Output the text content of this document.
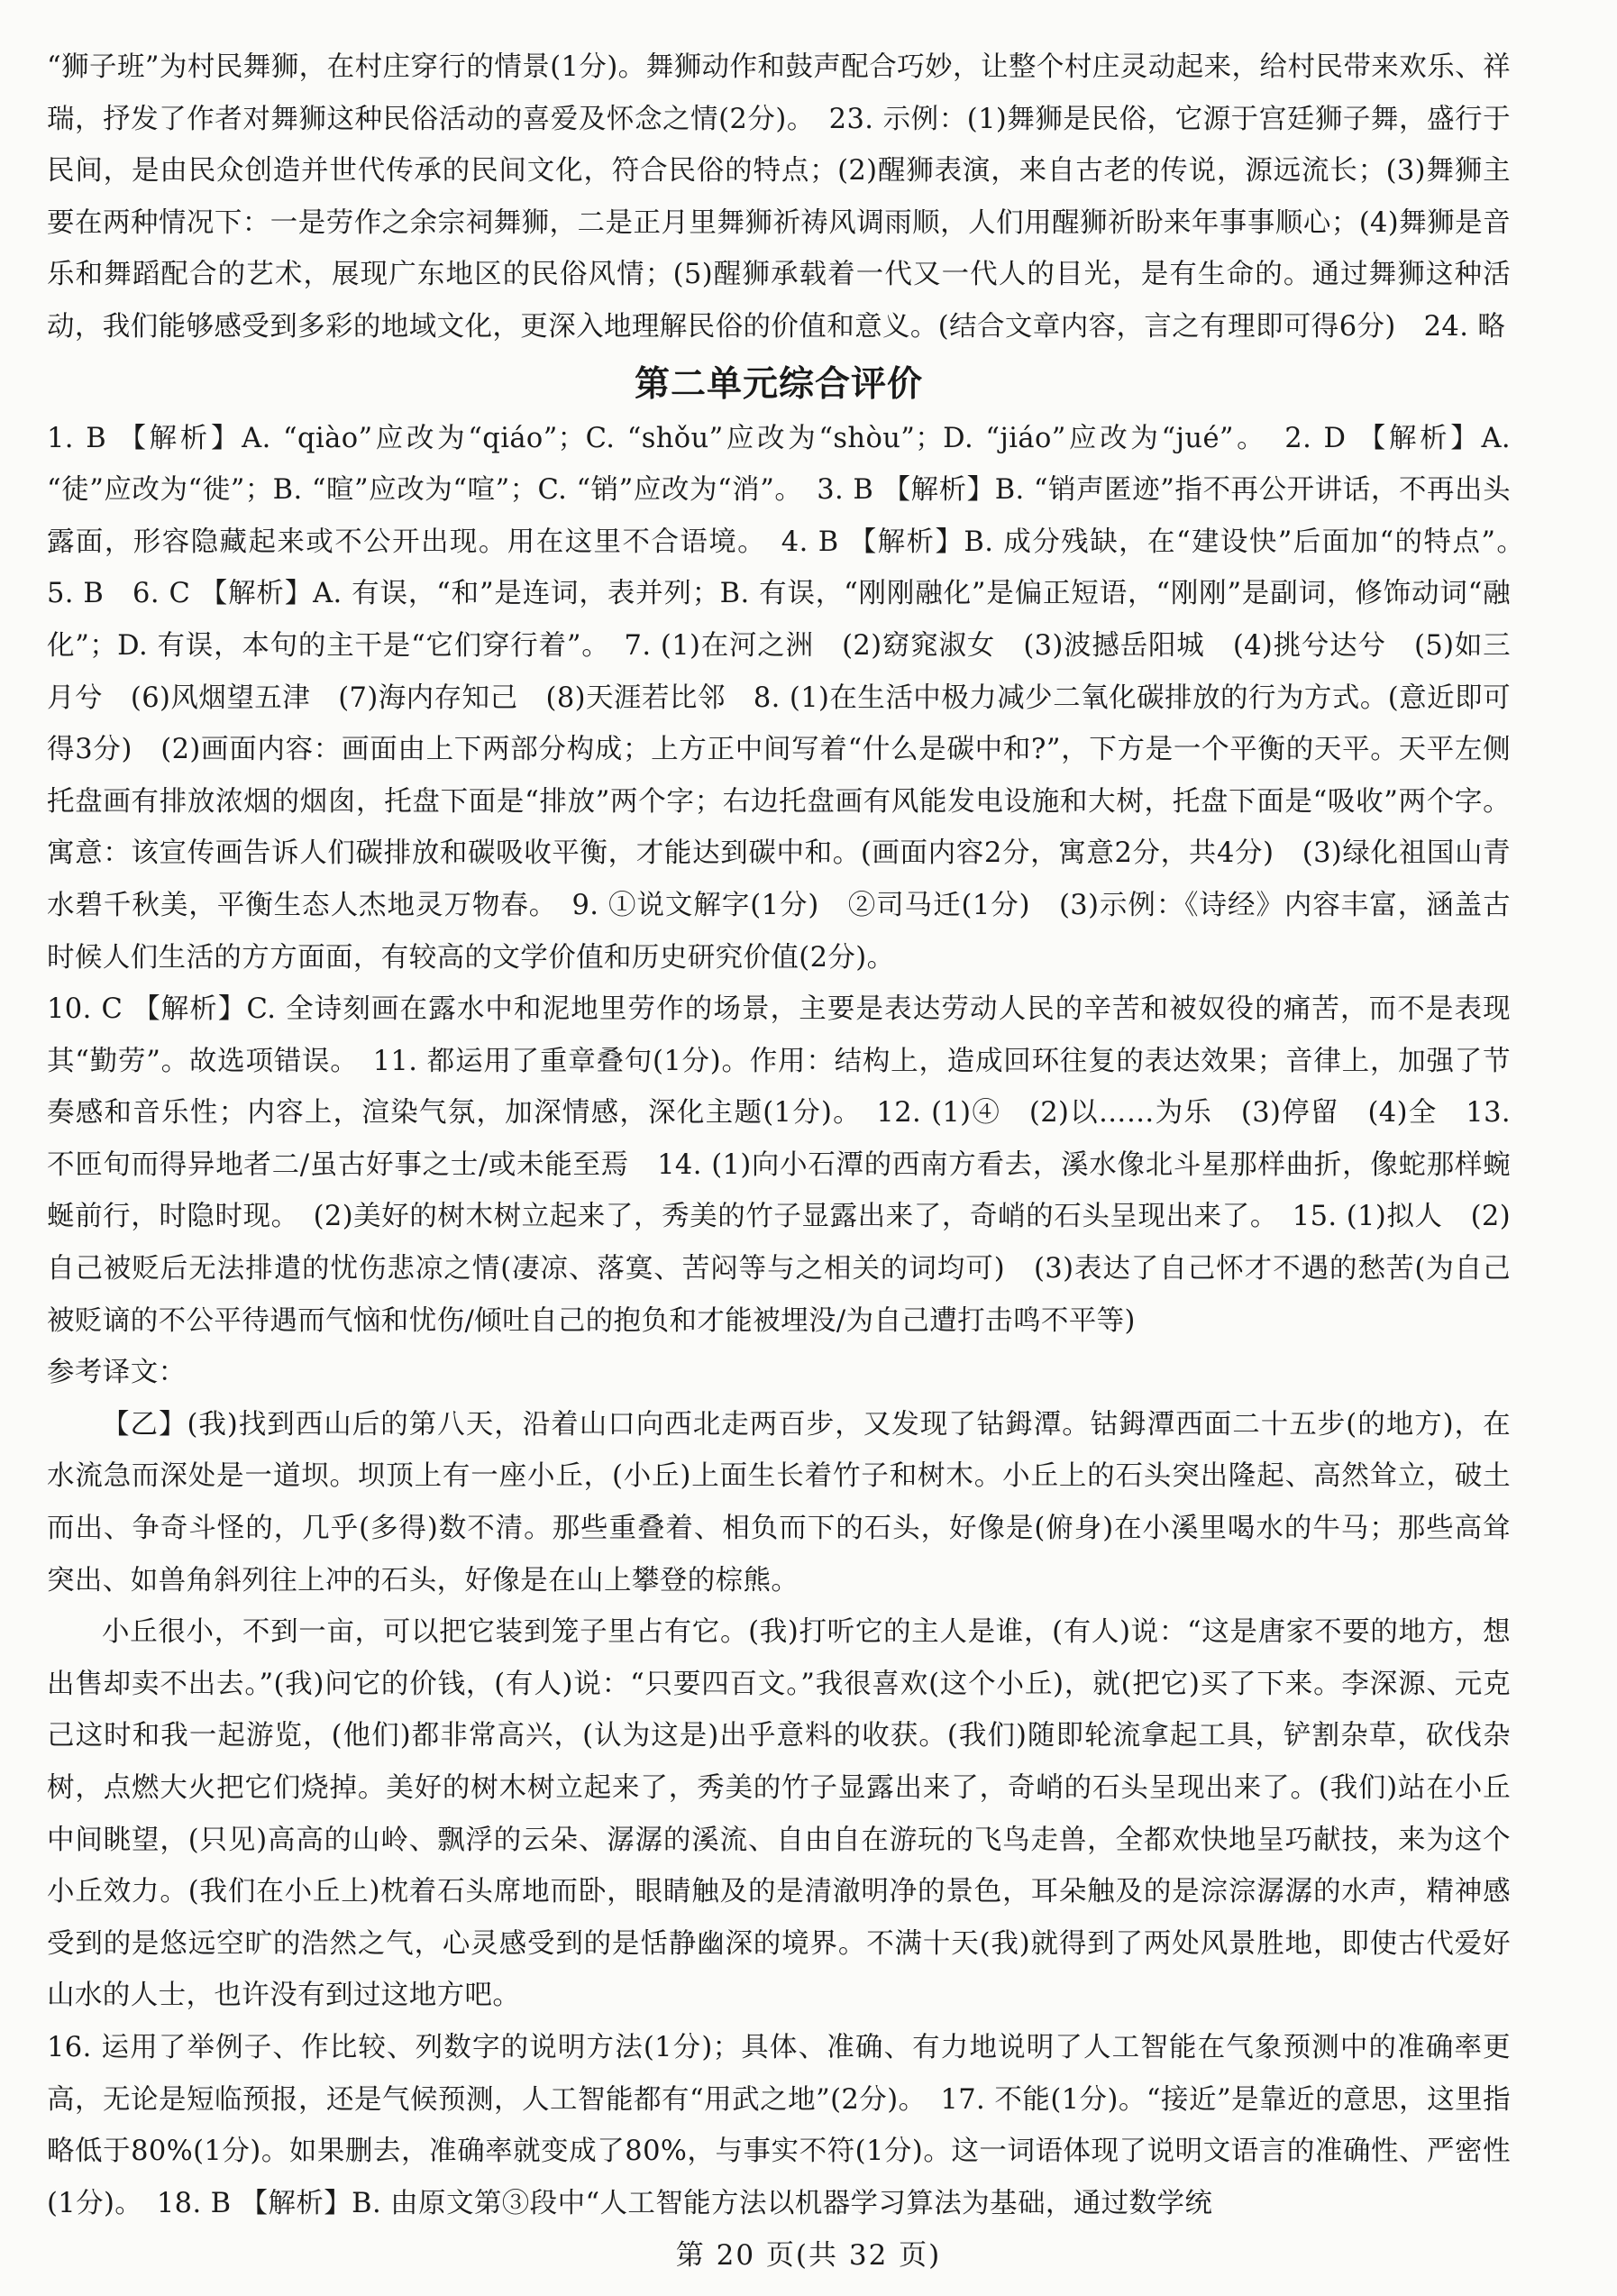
“狮子班”为村民舞狮，在村庄穿行的情景(1分)。舞狮动作和鼓声配合巧妙，让整个村庄灵动起来，给村民带来欢乐、祥瑞，抒发了作者对舞狮这种民俗活动的喜爱及怀念之情(2分)。　23. 示例：(1)舞狮是民俗，它源于宫廷狮子舞，盛行于民间，是由民众创造并世代传承的民间文化，符合民俗的特点；(2)醒狮表演，来自古老的传说，源远流长；(3)舞狮主要在两种情况下：一是劳作之余宗祠舞狮，二是正月里舞狮祈祷风调雨顺，人们用醒狮祈盼来年事事顺心；(4)舞狮是音乐和舞蹈配合的艺术，展现广东地区的民俗风情；(5)醒狮承载着一代又一代人的目光，是有生命的。通过舞狮这种活动，我们能够感受到多彩的地域文化，更深入地理解民俗的价值和意义。(结合文章内容，言之有理即可得6分)　24. 略

第二单元综合评价

1. B 【解析】A. “qiào”应改为“qiáo”；C. “shǒu”应改为“shòu”；D. “jiáo”应改为“jué”。　2. D 【解析】A. “徒”应改为“徙”；B. “暄”应改为“喧”；C. “销”应改为“消”。　3. B 【解析】B. “销声匿迹”指不再公开讲话，不再出头露面，形容隐藏起来或不公开出现。用在这里不合语境。　4. B 【解析】B. 成分残缺，在“建设快”后面加“的特点”。　5. B　6. C 【解析】A. 有误，“和”是连词，表并列；B. 有误，“刚刚融化”是偏正短语，“刚刚”是副词，修饰动词“融化”；D. 有误，本句的主干是“它们穿行着”。　7. (1)在河之洲　(2)窈窕淑女　(3)波撼岳阳城　(4)挑兮达兮　(5)如三月兮　(6)风烟望五津　(7)海内存知己　(8)天涯若比邻　8. (1)在生活中极力减少二氧化碳排放的行为方式。(意近即可得3分)　(2)画面内容：画面由上下两部分构成；上方正中间写着“什么是碳中和?”，下方是一个平衡的天平。天平左侧托盘画有排放浓烟的烟囱，托盘下面是“排放”两个字；右边托盘画有风能发电设施和大树，托盘下面是“吸收”两个字。寓意：该宣传画告诉人们碳排放和碳吸收平衡，才能达到碳中和。(画面内容2分，寓意2分，共4分)　(3)绿化祖国山青水碧千秋美，平衡生态人杰地灵万物春。　9. ①说文解字(1分)　②司马迁(1分)　(3)示例：《诗经》内容丰富，涵盖古时候人们生活的方方面面，有较高的文学价值和历史研究价值(2分)。

10. C 【解析】C. 全诗刻画在露水中和泥地里劳作的场景，主要是表达劳动人民的辛苦和被奴役的痛苦，而不是表现其“勤劳”。故选项错误。　11. 都运用了重章叠句(1分)。作用：结构上，造成回环往复的表达效果；音律上，加强了节奏感和音乐性；内容上，渲染气氛，加深情感，深化主题(1分)。　12. (1)④　(2)以……为乐　(3)停留　(4)全　13. 不匝旬而得异地者二/虽古好事之士/或未能至焉　14. (1)向小石潭的西南方看去，溪水像北斗星那样曲折，像蛇那样蜿蜒前行，时隐时现。　(2)美好的树木树立起来了，秀美的竹子显露出来了，奇峭的石头呈现出来了。　15. (1)拟人　(2)自己被贬后无法排遣的忧伤悲凉之情(凄凉、落寞、苦闷等与之相关的词均可)　(3)表达了自己怀才不遇的愁苦(为自己被贬谪的不公平待遇而气恼和忧伤/倾吐自己的抱负和才能被埋没/为自己遭打击鸣不平等)

参考译文：

【乙】(我)找到西山后的第八天，沿着山口向西北走两百步，又发现了钴鉧潭。钴鉧潭西面二十五步(的地方)，在水流急而深处是一道坝。坝顶上有一座小丘，(小丘)上面生长着竹子和树木。小丘上的石头突出隆起、高然耸立，破土而出、争奇斗怪的，几乎(多得)数不清。那些重叠着、相负而下的石头，好像是(俯身)在小溪里喝水的牛马；那些高耸突出、如兽角斜列往上冲的石头，好像是在山上攀登的棕熊。

小丘很小，不到一亩，可以把它装到笼子里占有它。(我)打听它的主人是谁，(有人)说：“这是唐家不要的地方，想出售却卖不出去。”(我)问它的价钱，(有人)说：“只要四百文。”我很喜欢(这个小丘)，就(把它)买了下来。李深源、元克己这时和我一起游览，(他们)都非常高兴，(认为这是)出乎意料的收获。(我们)随即轮流拿起工具，铲割杂草，砍伐杂树，点燃大火把它们烧掉。美好的树木树立起来了，秀美的竹子显露出来了，奇峭的石头呈现出来了。(我们)站在小丘中间眺望，(只见)高高的山岭、飘浮的云朵、潺潺的溪流、自由自在游玩的飞鸟走兽，全都欢快地呈巧献技，来为这个小丘效力。(我们在小丘上)枕着石头席地而卧，眼睛触及的是清澈明净的景色，耳朵触及的是淙淙潺潺的水声，精神感受到的是悠远空旷的浩然之气，心灵感受到的是恬静幽深的境界。不满十天(我)就得到了两处风景胜地，即使古代爱好山水的人士，也许没有到过这地方吧。

16. 运用了举例子、作比较、列数字的说明方法(1分)；具体、准确、有力地说明了人工智能在气象预测中的准确率更高，无论是短临预报，还是气候预测，人工智能都有“用武之地”(2分)。　17. 不能(1分)。“接近”是靠近的意思，这里指略低于80%(1分)。如果删去，准确率就变成了80%，与事实不符(1分)。这一词语体现了说明文语言的准确性、严密性(1分)。　18. B 【解析】B. 由原文第③段中“人工智能方法以机器学习算法为基础，通过数学统

第 20 页(共 32 页)
